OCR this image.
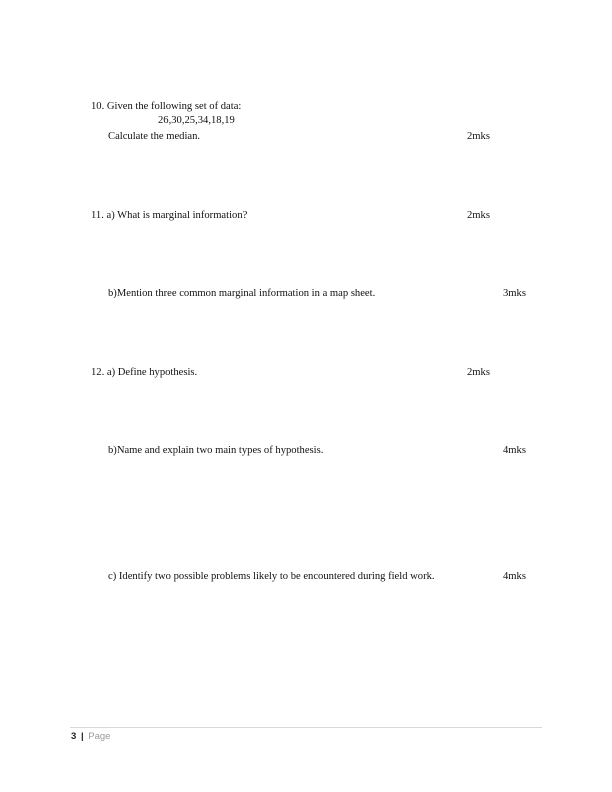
10. Given the following set of data:
26,30,25,34,18,19
Calculate the median.	2mks
11. a) What is marginal information?	2mks
b)Mention three common marginal information in a map sheet.	3mks
12. a) Define hypothesis.	2mks
b)Name and explain two main types of hypothesis.	4mks
c) Identify two possible problems likely to be encountered during field work.	4mks
3 | Page
